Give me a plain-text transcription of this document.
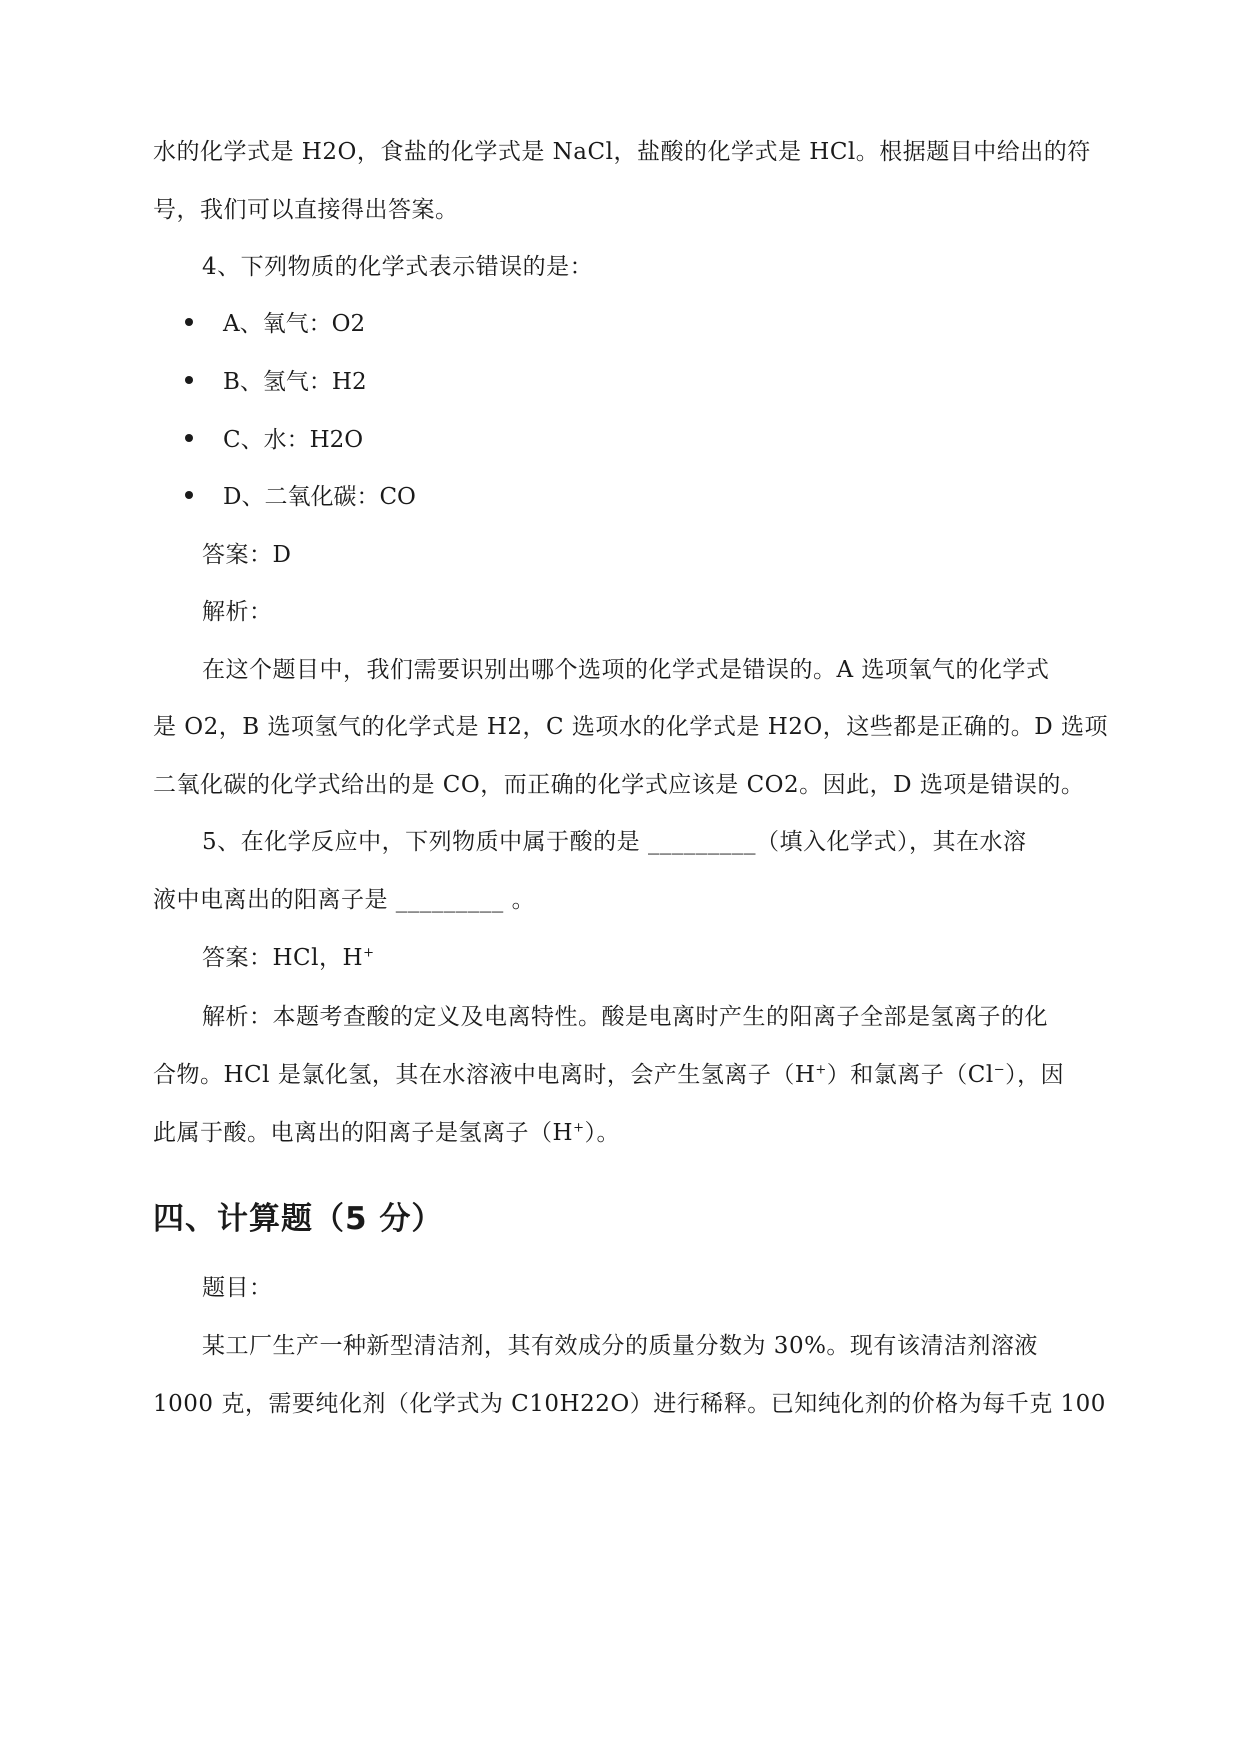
水的化学式是 H2O，食盐的化学式是 NaCl，盐酸的化学式是 HCl。根据题目中给出的符
号，我们可以直接得出答案。
4、下列物质的化学式表示错误的是：
A、氧气：O2
B、氢气：H2
C、水：H2O
D、二氧化碳：CO
答案：D
解析：
在这个题目中，我们需要识别出哪个选项的化学式是错误的。A 选项氧气的化学式
是 O2，B 选项氢气的化学式是 H2，C 选项水的化学式是 H2O，这些都是正确的。D 选项
二氧化碳的化学式给出的是 CO，而正确的化学式应该是 CO2。因此，D 选项是错误的。
5、在化学反应中，下列物质中属于酸的是 _________（填入化学式），其在水溶
液中电离出的阳离子是 _________ 。
答案：HCl，H+
解析：本题考查酸的定义及电离特性。酸是电离时产生的阳离子全部是氢离子的化
合物。HCl 是氯化氢，其在水溶液中电离时，会产生氢离子（H+）和氯离子（Cl−），因
此属于酸。电离出的阳离子是氢离子（H+）。
四、计算题（5 分）
题目：
某工厂生产一种新型清洁剂，其有效成分的质量分数为 30%。现有该清洁剂溶液
1000 克，需要纯化剂（化学式为 C10H22O）进行稀释。已知纯化剂的价格为每千克 100
